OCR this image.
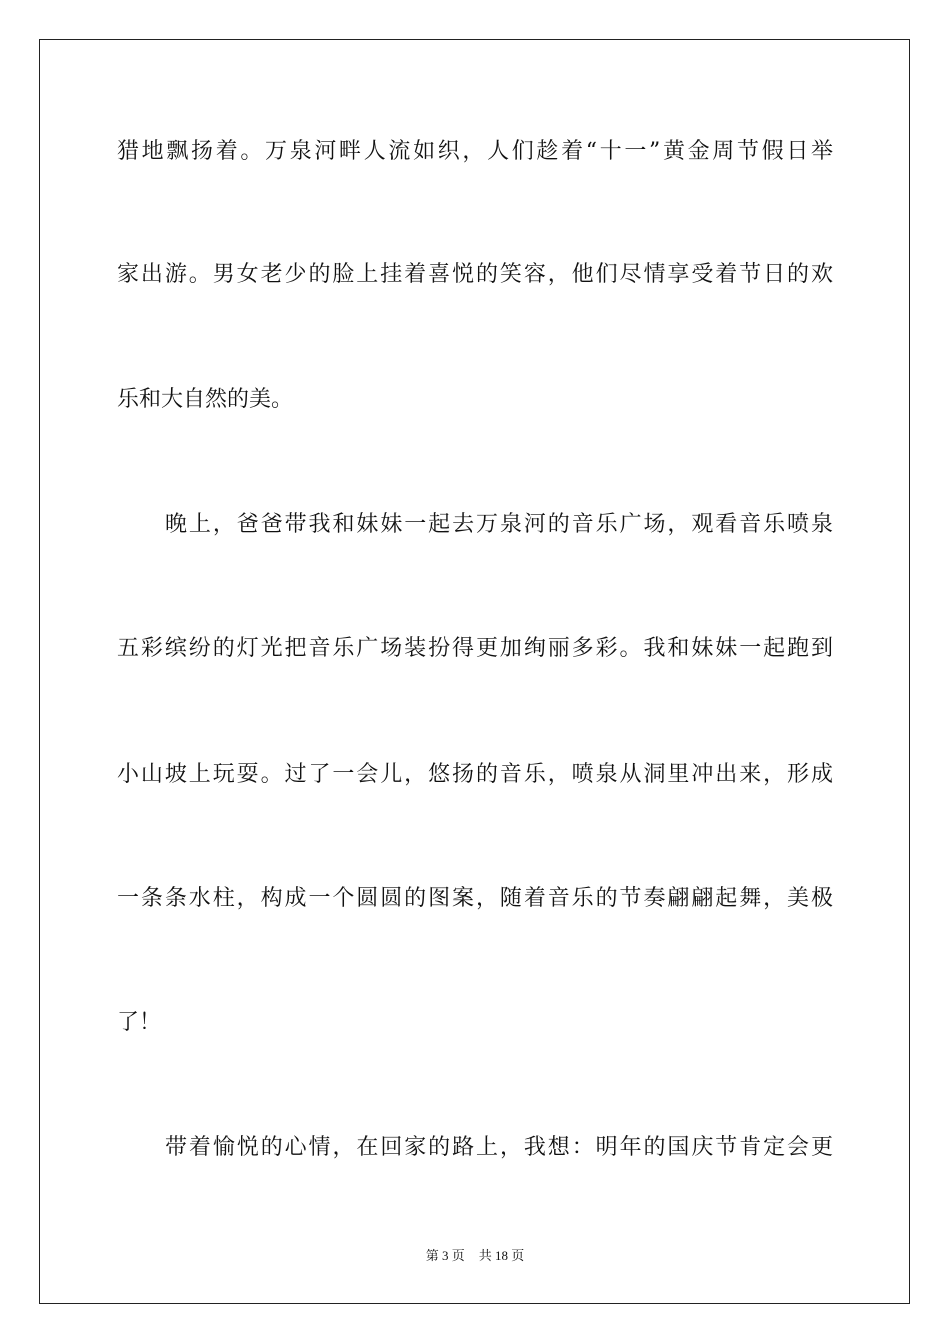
猎地飘扬着。万泉河畔人流如织，人们趁着“十一”黄金周节假日举
家出游。男女老少的脸上挂着喜悦的笑容，他们尽情享受着节日的欢
乐和大自然的美。
晚上，爸爸带我和妹妹一起去万泉河的音乐广场，观看音乐喷泉
五彩缤纷的灯光把音乐广场装扮得更加绚丽多彩。我和妹妹一起跑到
小山坡上玩耍。过了一会儿，悠扬的音乐，喷泉从洞里冲出来，形成
一条条水柱，构成一个圆圆的图案，随着音乐的节奏翩翩起舞，美极
了！
带着愉悦的心情，在回家的路上，我想：明年的国庆节肯定会更
第 3 页 共 18 页
